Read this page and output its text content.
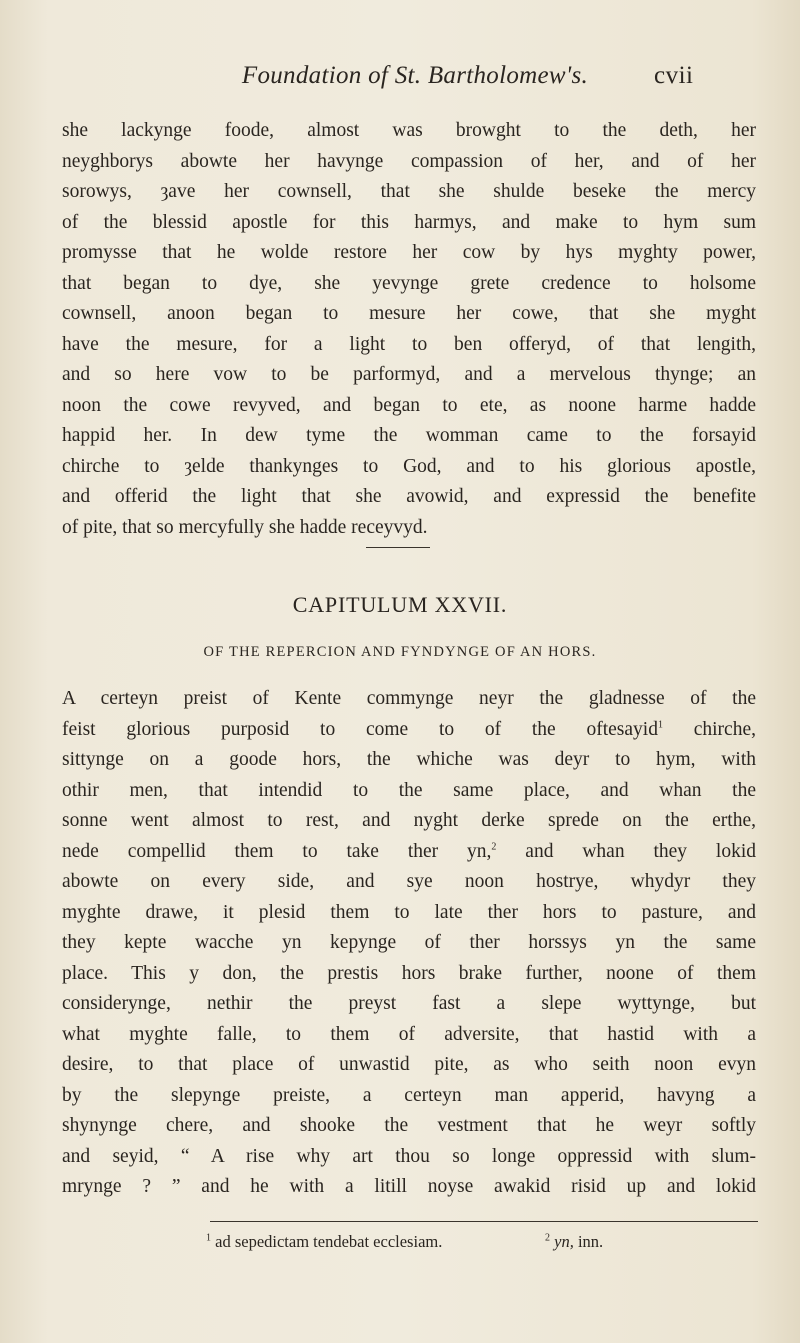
Foundation of St. Bartholomew's.	cvii
she lackynge foode, almost was browght to the deth, her
neyghborys abowte her havynge compassion of her, and of her
sorowys, ȝave her cownsell, that she shulde beseke the mercy
of the blessid apostle for this harmys, and make to hym sum
promysse that he wolde restore her cow by hys myghty power,
that began to dye, she yevynge grete credence to holsome
cownsell, anoon began to mesure her cowe, that she myght
have the mesure, for a light to ben offeryd, of that lengith,
and so here vow to be parformyd, and a mervelous thynge; an
noon the cowe revyved, and began to ete, as noone harme hadde
happid her. In dew tyme the womman came to the forsayid
chirche to ȝelde thankynges to God, and to his glorious apostle,
and offerid the light that she avowid, and expressid the benefite
of pite, that so mercyfully she hadde receyvyd.
CAPITULUM XXVII.
OF THE REPERCION AND FYNDYNGE OF AN HORS.
A certeyn preist of Kente commynge neyr the gladnesse of the
feist glorious purposid to come to of the oftesayid$^1$ chirche,
sittynge on a goode hors, the whiche was deyr to hym, with
othir men, that intendid to the same place, and whan the
sonne went almost to rest, and nyght derke sprede on the erthe,
nede compellid them to take ther yn,$^2$ and whan they lokid
abowte on every side, and sye noon hostrye, whydyr they
myghte drawe, it plesid them to late ther hors to pasture, and
they kepte wacche yn kepynge of ther horssys yn the same
place. This y don, the prestis hors brake further, noone of them
considerynge, nethir the preyst fast a slepe wyttynge, but
what myghte falle, to them of adversite, that hastid with a
desire, to that place of unwastid pite, as who seith noon evyn
by the slepynge preiste, a certeyn man apperid, havyng a
shynynge chere, and shooke the vestment that he weyr softly
and seyid, “ A rise why art thou so longe oppressid with slum-
mrynge ? ” and he with a litill noyse awakid risid up and lokid
$^1$ ad sepedictam tendebat ecclesiam.	$^2$ yn, inn.
